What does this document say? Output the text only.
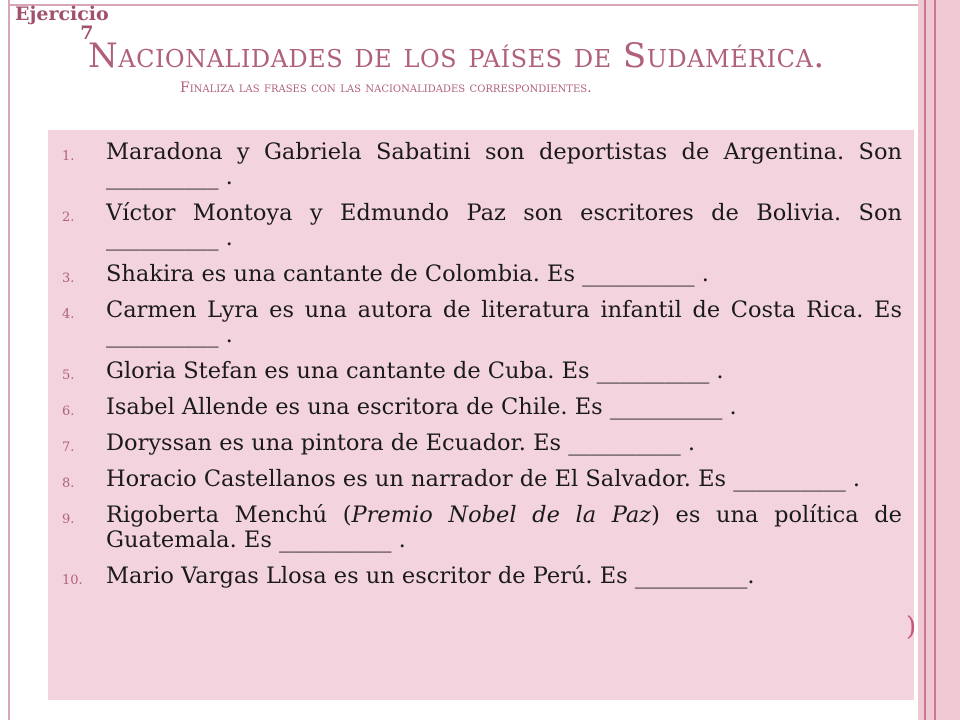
Ejercicio
7
Nacionalidades de los países de Sudamérica.
Finaliza las frases con las nacionalidades correspondientes.
1. Maradona y Gabriela Sabatini son deportistas de Argentina. Son __________ .
2. Víctor Montoya y Edmundo Paz son escritores de Bolivia. Son __________ .
3. Shakira es una cantante de Colombia. Es __________ .
4. Carmen Lyra es una autora de literatura infantil de Costa Rica. Es __________ .
5. Gloria Stefan es una cantante de Cuba. Es __________ .
6. Isabel Allende es una escritora de Chile. Es __________ .
7. Doryssan es una pintora de Ecuador. Es __________ .
8. Horacio Castellanos es un narrador de El Salvador. Es __________ .
9. Rigoberta Menchú (Premio Nobel de la Paz) es una política de Guatemala. Es __________ .
10. Mario Vargas Llosa es un escritor de Perú. Es __________.
)
